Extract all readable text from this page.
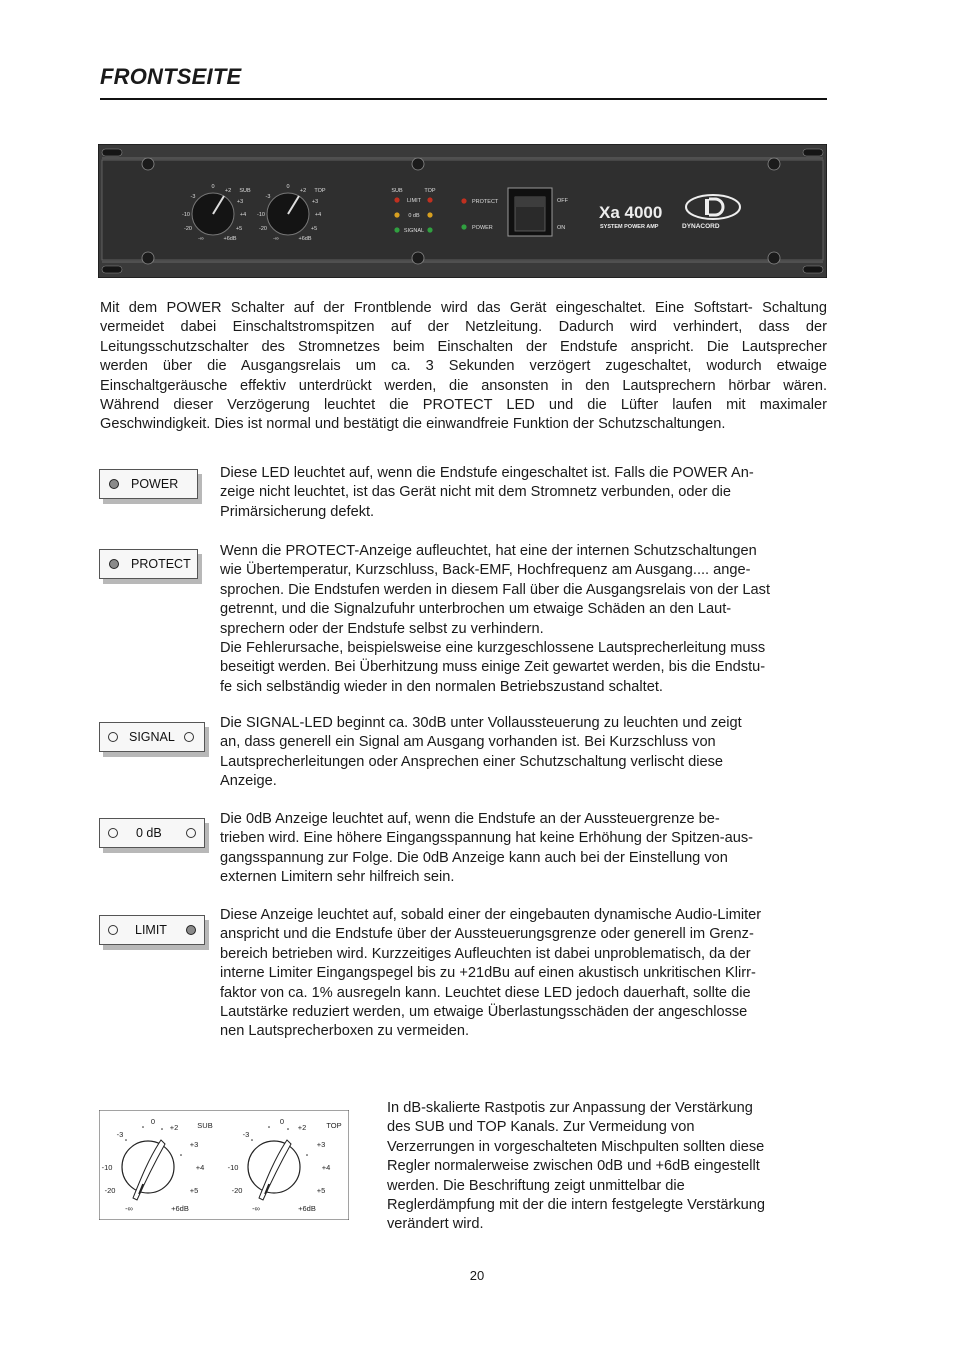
FRONTSEITE
0
+2
-3
+3
-10	+4
-20	+5
-∞	+6dB
SUB
0
+2
-3
+3
-10	+4
-20	+5
-∞	+6dB
TOP	SUB	TOP
LIMIT
0 dB
SIGNAL
PROTECT
POWER
OFF
ON
Xa 4000
SYSTEM POWER AMP	DYNACORD

Mit dem POWER Schalter auf der Frontblende wird das Gerät eingeschaltet. Eine Softstart- Schaltung

vermeidet dabei Einschaltstromspitzen auf der Netzleitung. Dadurch wird verhindert, dass der

Leitungsschutzschalter des Stromnetzes beim Einschalten der Endstufe anspricht. Die Lautsprecher

werden über die Ausgangsrelais um ca. 3 Sekunden verzögert zugeschaltet, wodurch etwaige

Einschaltgeräusche effektiv unterdrückt werden, die ansonsten in den Lautsprechern hörbar wären.

Während dieser Verzögerung leuchtet die PROTECT LED und die Lüfter laufen mit maximaler

Geschwindigkeit. Dies ist normal und bestätigt die einwandfreie Funktion der Schutzschaltungen.

POWER
Diese LED leuchtet auf, wenn die Endstufe eingeschaltet ist. Falls die POWER An-
zeige nicht leuchtet, ist das Gerät nicht mit dem Stromnetz verbunden, oder die
Primärsicherung defekt.
PROTECT
Wenn die PROTECT-Anzeige aufleuchtet, hat eine der internen Schutzschaltungen
wie Übertemperatur, Kurzschluss, Back-EMF, Hochfrequenz am Ausgang.... ange-
sprochen. Die Endstufen werden in diesem Fall über die Ausgangsrelais von der Last
getrennt, und die Signalzufuhr unterbrochen um etwaige Schäden an den Laut-
sprechern oder der Endstufe selbst zu verhindern.
Die Fehlerursache, beispielsweise eine kurzgeschlossene Lautsprecherleitung muss
beseitigt werden. Bei Überhitzung muss einige Zeit gewartet werden, bis die Endstu-
fe sich selbständig wieder in den normalen Betriebszustand schaltet.
SIGNAL
Die SIGNAL-LED beginnt ca. 30dB unter Vollaussteuerung zu leuchten und zeigt
an, dass generell ein Signal am Ausgang vorhanden ist. Bei Kurzschluss von
Lautsprecherleitungen oder Ansprechen einer Schutzschaltung verlischt diese
Anzeige.
0 dB
Die 0dB Anzeige leuchtet auf, wenn die Endstufe an der Aussteuergrenze be-
trieben wird. Eine höhere Eingangsspannung hat keine Erhöhung der Spitzen-aus-
gangsspannung zur Folge. Die 0dB Anzeige kann auch bei der Einstellung von
externen Limitern sehr hilfreich sein.
LIMIT
Diese Anzeige leuchtet auf, sobald einer der eingebauten dynamische Audio-Limiter
anspricht und die Endstufe über der Aussteuerungsgrenze oder generell im Grenz-
bereich betrieben wird. Kurzzeitiges Aufleuchten ist dabei unproblematisch, da der
interne Limiter Eingangspegel bis zu +21dBu auf einen akustisch unkritischen Klirr-
faktor von ca. 1% ausregeln kann. Leuchtet diese LED jedoch dauerhaft, sollte die
Lautstärke reduziert werden, um etwaige Überlastungsschäden der angeschlosse
nen Lautsprecherboxen zu vermeiden.
0
+2
-3
+3
-10	+4
-20	+5
-∞	+6dB
SUB	0
+2
-3
+3
-10	+4
-20	+5
-∞	+6dB
TOP
In dB-skalierte Rastpotis zur Anpassung der Verstärkung
des SUB und TOP Kanals. Zur Vermeidung von
Verzerrungen in vorgeschalteten Mischpulten sollten diese
Regler normalerweise zwischen 0dB und +6dB eingestellt
werden. Die Beschriftung zeigt unmittelbar die
Reglerdämpfung mit der die intern festgelegte Verstärkung
verändert wird.
20
